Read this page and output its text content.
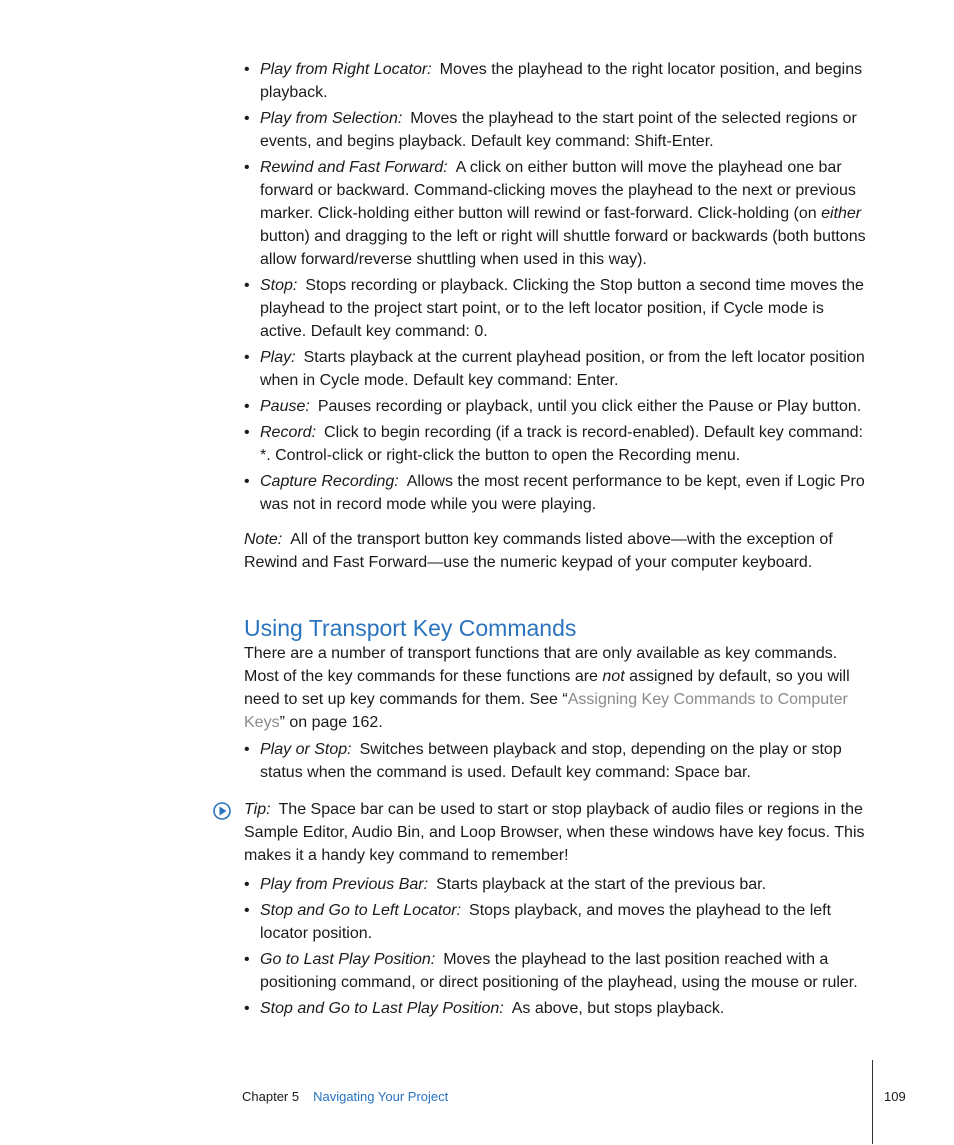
• Play from Right Locator: Moves the playhead to the right locator position, and begins playback.
• Play from Selection: Moves the playhead to the start point of the selected regions or events, and begins playback. Default key command: Shift-Enter.
• Rewind and Fast Forward: A click on either button will move the playhead one bar forward or backward. Command-clicking moves the playhead to the next or previous marker. Click-holding either button will rewind or fast-forward. Click-holding (on either button) and dragging to the left or right will shuttle forward or backwards (both buttons allow forward/reverse shuttling when used in this way).
• Stop: Stops recording or playback. Clicking the Stop button a second time moves the playhead to the project start point, or to the left locator position, if Cycle mode is active. Default key command: 0.
• Play: Starts playback at the current playhead position, or from the left locator position when in Cycle mode. Default key command: Enter.
• Pause: Pauses recording or playback, until you click either the Pause or Play button.
• Record: Click to begin recording (if a track is record-enabled). Default key command: *. Control-click or right-click the button to open the Recording menu.
• Capture Recording: Allows the most recent performance to be kept, even if Logic Pro was not in record mode while you were playing.

Note: All of the transport button key commands listed above—with the exception of Rewind and Fast Forward—use the numeric keypad of your computer keyboard.

Using Transport Key Commands

There are a number of transport functions that are only available as key commands. Most of the key commands for these functions are not assigned by default, so you will need to set up key commands for them. See “Assigning Key Commands to Computer Keys” on page 162.

• Play or Stop: Switches between playback and stop, depending on the play or stop status when the command is used. Default key command: Space bar.

Tip: The Space bar can be used to start or stop playback of audio files or regions in the Sample Editor, Audio Bin, and Loop Browser, when these windows have key focus. This makes it a handy key command to remember!

• Play from Previous Bar: Starts playback at the start of the previous bar.
• Stop and Go to Left Locator: Stops playback, and moves the playhead to the left locator position.
• Go to Last Play Position: Moves the playhead to the last position reached with a positioning command, or direct positioning of the playhead, using the mouse or ruler.
• Stop and Go to Last Play Position: As above, but stops playback.
Chapter 5 Navigating Your Project	109
